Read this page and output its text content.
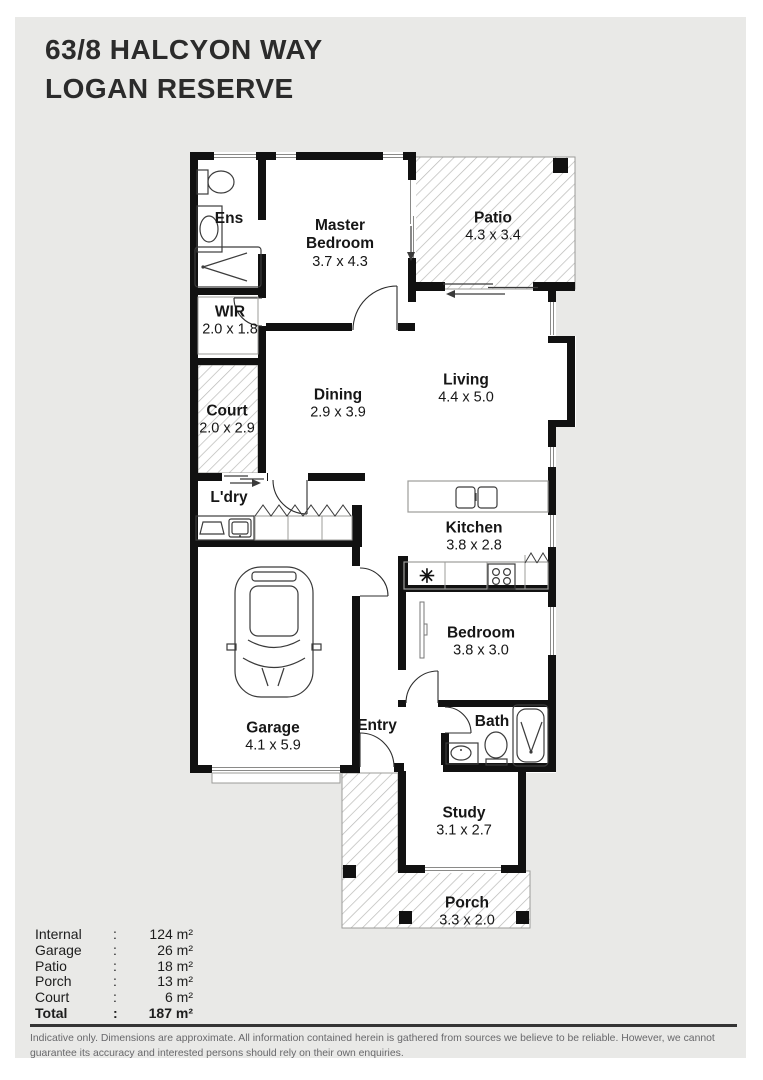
63/8 HALCYON WAY
LOGAN RESERVE
Ens	Master Bedroom
3.7 x 4.3
Patio
4.3 x 3.4
WIR
2.0 x 1.8
Court
2.0 x 2.9
Dining
2.9 x 3.9
Living
4.4 x 5.0
L'dry
Kitchen
3.8 x 2.8
Bedroom
3.8 x 3.0
Garage
4.1 x 5.9
Entry	Bath
Study
3.1 x 2.7
Porch
3.3 x 2.0
✳
Internal	:	124 m²
Garage	:	26 m²
Patio	:	18 m²
Porch	:	13 m²
Court	:	6 m²
Total	:	187 m²
Indicative only. Dimensions are approximate. All information contained herein is gathered from sources we believe to be reliable. However, we cannot guarantee its accuracy and interested persons should rely on their own enquiries.
